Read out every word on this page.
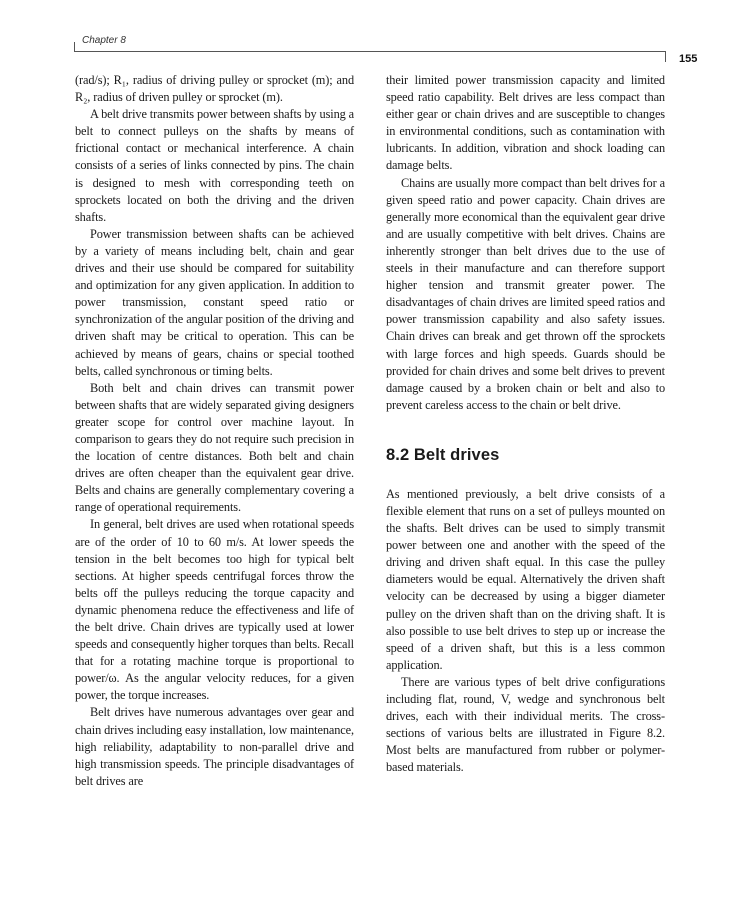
Chapter 8
155

(rad/s); R₁, radius of driving pulley or sprocket (m); and R₂, radius of driven pulley or sprocket (m).

A belt drive transmits power between shafts by using a belt to connect pulleys on the shafts by means of frictional contact or mechanical interference. A chain consists of a series of links connected by pins. The chain is designed to mesh with corresponding teeth on sprockets located on both the driving and the driven shafts.

Power transmission between shafts can be achieved by a variety of means including belt, chain and gear drives and their use should be compared for suitability and optimization for any given application. In addition to power transmission, constant speed ratio or synchronization of the angular position of the driving and driven shaft may be critical to operation. This can be achieved by means of gears, chains or special toothed belts, called synchronous or timing belts.

Both belt and chain drives can transmit power between shafts that are widely separated giving designers greater scope for control over machine layout. In comparison to gears they do not require such precision in the location of centre distances. Both belt and chain drives are often cheaper than the equivalent gear drive. Belts and chains are generally complementary covering a range of operational requirements.

In general, belt drives are used when rotational speeds are of the order of 10 to 60 m/s. At lower speeds the tension in the belt becomes too high for typical belt sections. At higher speeds centrifugal forces throw the belts off the pulleys reducing the torque capacity and dynamic phenomena reduce the effectiveness and life of the belt drive. Chain drives are typically used at lower speeds and consequently higher torques than belts. Recall that for a rotating machine torque is proportional to power/ω. As the angular velocity reduces, for a given power, the torque increases.

Belt drives have numerous advantages over gear and chain drives including easy installation, low maintenance, high reliability, adaptability to non-parallel drive and high transmission speeds. The principle disadvantages of belt drives are

their limited power transmission capacity and limited speed ratio capability. Belt drives are less compact than either gear or chain drives and are susceptible to changes in environmental conditions, such as contamination with lubricants. In addition, vibration and shock loading can damage belts.

Chains are usually more compact than belt drives for a given speed ratio and power capacity. Chain drives are generally more economical than the equivalent gear drive and are usually competitive with belt drives. Chains are inherently stronger than belt drives due to the use of steels in their manufacture and can therefore support higher tension and transmit greater power. The disadvantages of chain drives are limited speed ratios and power transmission capability and also safety issues. Chain drives can break and get thrown off the sprockets with large forces and high speeds. Guards should be provided for chain drives and some belt drives to prevent damage caused by a broken chain or belt and also to prevent careless access to the chain or belt drive.

8.2 Belt drives

As mentioned previously, a belt drive consists of a flexible element that runs on a set of pulleys mounted on the shafts. Belt drives can be used to simply transmit power between one and another with the speed of the driving and driven shaft equal. In this case the pulley diameters would be equal. Alternatively the driven shaft velocity can be decreased by using a bigger diameter pulley on the driven shaft than on the driving shaft. It is also possible to use belt drives to step up or increase the speed of a driven shaft, but this is a less common application.

There are various types of belt drive configurations including flat, round, V, wedge and synchronous belt drives, each with their individual merits. The cross-sections of various belts are illustrated in Figure 8.2. Most belts are manufactured from rubber or polymer-based materials.
